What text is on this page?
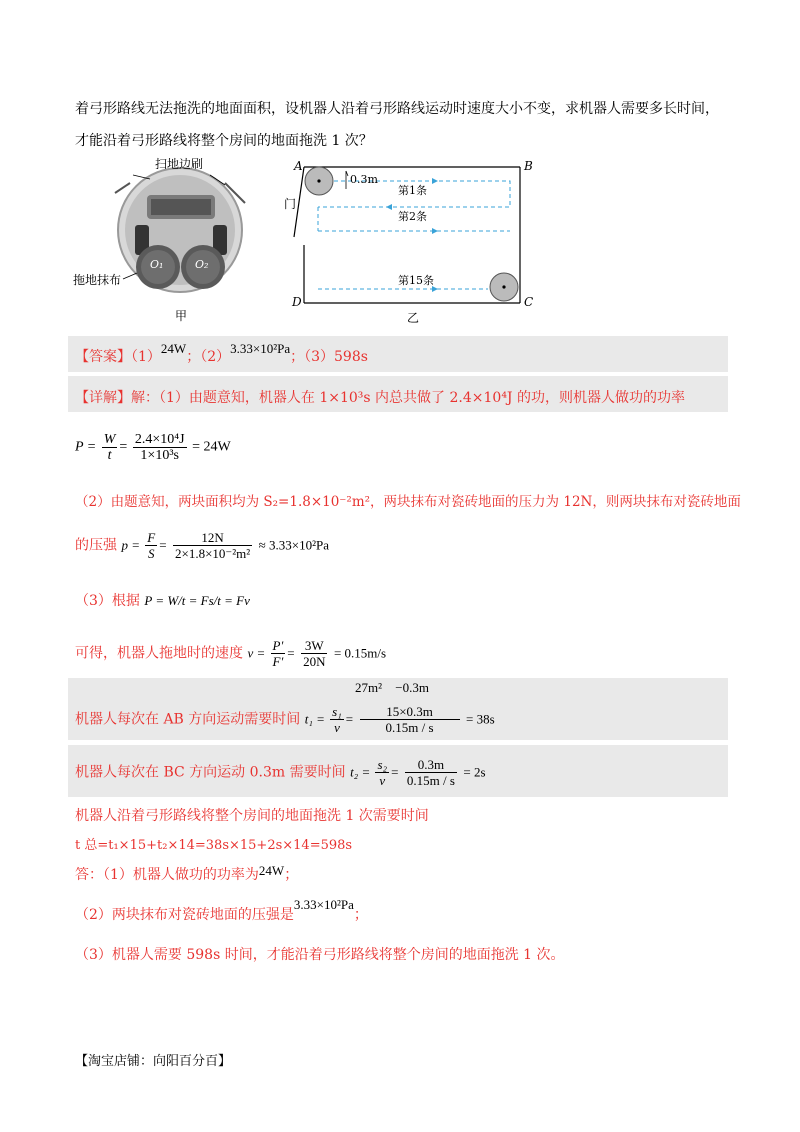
着弓形路线无法拖洗的地面面积，设机器人沿着弓形路线运动时速度大小不变，求机器人需要多长时间，
才能沿着弓形路线将整个房间的地面拖洗 1 次？
扫地边刷
拖地抹布
O₁	O₂
甲
A	B
C
D
门
0.3m
第1条
第2条
第15条
乙
【答案】（1）24W；（2）3.33×10²Pa；（3）598s
【详解】解：（1）由题意知，机器人在 1×10³s 内总共做了 2.4×10⁴J 的功，则机器人做功的功率
$P = \frac{W}{t} = \frac{\text{2.4×10⁴J}}{\text{1×10³s}} = 24W$
（2）由题意知，两块面积均为 S₂=1.8×10⁻²m²，两块抹布对瓷砖地面的压力为 12N，则两块抹布对瓷砖地面
的压强 $p = \frac{F}{S} = \frac{12N}{\text{2×1.8×10⁻²m²}} \approx 3.33\times 10^2Pa$
（3）根据 P = W/t = Fs/t = Fv
可得，机器人拖地时的速度 $v = \frac{P'}{F'} = \frac{3W}{20N} = 0.15m/s$
27m² −0.3m
机器人每次在 AB 方向运动需要时间 $t_1 = \frac{\text{s₁}}{v} = \frac{15\times 0.3m}{0.15m / s} = 38s$
机器人每次在 BC 方向运动 0.3m 需要时间 $t_2 = \frac{\text{s₂}}{v} = \frac{0.3m}{0.15m / s} = 2s$
机器人沿着弓形路线将整个房间的地面拖洗 1 次需要时间
t 总=t₁×15+t₂×14=38s×15+2s×14=598s
答：（1）机器人做功的功率为24W；
（2）两块抹布对瓷砖地面的压强是3.33×10²Pa；
（3）机器人需要 598s 时间，才能沿着弓形路线将整个房间的地面拖洗 1 次。
【淘宝店铺：向阳百分百】
